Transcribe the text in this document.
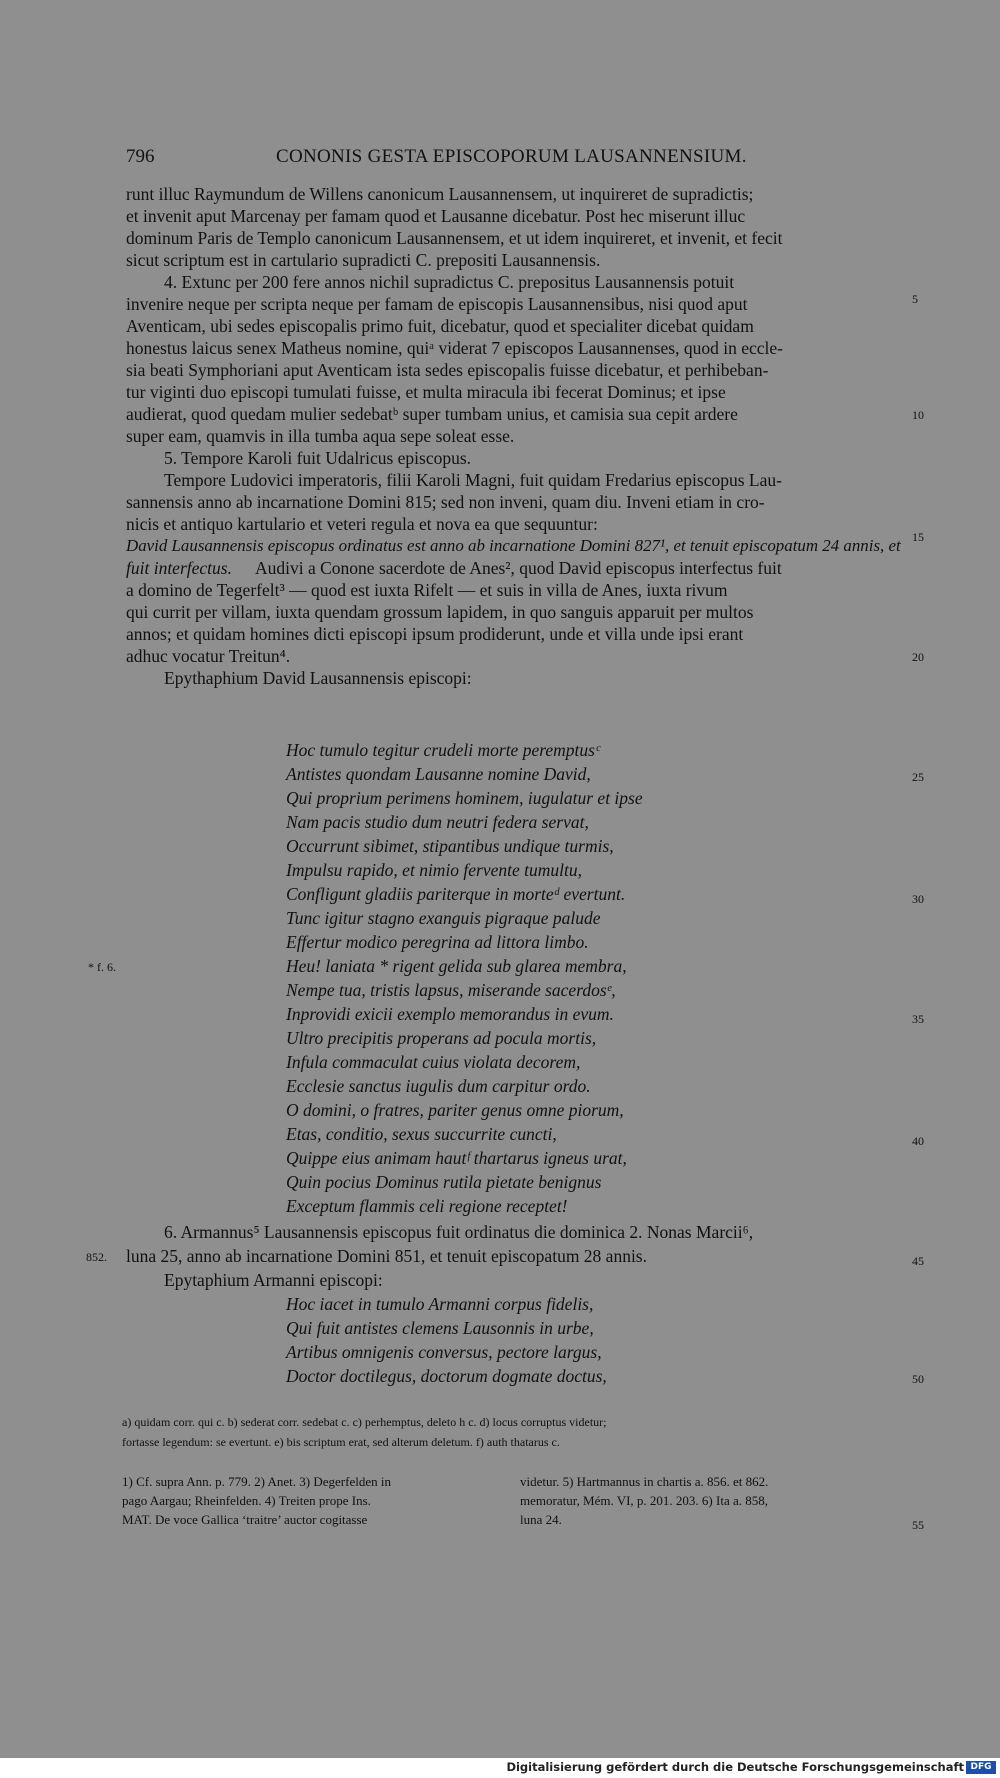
796	CONONIS GESTA EPISCOPORUM LAUSANNENSIUM.
runt illuc Raymundum de Willens canonicum Lausannensem, ut inquireret de supradictis;
et invenit aput Marcenay per famam quod et Lausanne dicebatur. Post hec miserunt illuc
dominum Paris de Templo canonicum Lausannensem, et ut idem inquireret, et invenit, et fecit
sicut scriptum est in cartulario supradicti C. prepositi Lausannensis.
4. Extunc per 200 fere annos nichil supradictus C. prepositus Lausannensis potuit
invenire neque per scripta neque per famam de episcopis Lausannensibus, nisi quod aput
Aventicam, ubi sedes episcopalis primo fuit, dicebatur, quod et specialiter dicebat quidam
honestus laicus senex Matheus nomine, quiᵃ viderat 7 episcopos Lausannenses, quod in eccle-
sia beati Symphoriani aput Aventicam ista sedes episcopalis fuisse dicebatur, et perhibeban-
tur viginti duo episcopi tumulati fuisse, et multa miracula ibi fecerat Dominus; et ipse
audierat, quod quedam mulier sedebatᵇ super tumbam unius, et camisia sua cepit ardere
super eam, quamvis in illa tumba aqua sepe soleat esse.
5. Tempore Karoli fuit Udalricus episcopus.
Tempore Ludovici imperatoris, filii Karoli Magni, fuit quidam Fredarius episcopus Lau-
sannensis anno ab incarnatione Domini 815; sed non inveni, quam diu. Inveni etiam in cro-
nicis et antiquo kartulario et veteri regula et nova ea que sequuntur:
David Lausannensis episcopus ordinatus est anno ab incarnatione Domini 827¹, et tenuit episcopatum 24 annis, et
fuit interfectus. Audivi a Conone sacerdote de Anes², quod David episcopus interfectus fuit
a domino de Tegerfelt³ — quod est iuxta Rifelt — et suis in villa de Anes, iuxta rivum
qui currit per villam, iuxta quendam grossum lapidem, in quo sanguis apparuit per multos
annos; et quidam homines dicti episcopi ipsum prodiderunt, unde et villa unde ipsi erant
adhuc vocatur Treitun⁴.
Epythaphium David Lausannensis episcopi:
Hoc tumulo tegitur crudeli morte peremptusᶜ
Antistes quondam Lausanne nomine David,
Qui proprium perimens hominem, iugulatur et ipse
Nam pacis studio dum neutri federa servat,
Occurrunt sibimet, stipantibus undique turmis,
Impulsu rapido, et nimio fervente tumultu,
Confligunt gladiis pariterque in morteᵈ evertunt.
Tunc igitur stagno exanguis pigraque palude
Effertur modico peregrina ad littora limbo.
Heu! laniata * rigent gelida sub glarea membra,
Nempe tua, tristis lapsus, miserande sacerdosᵉ,
Inprovidi exicii exemplo memorandus in evum.
Ultro precipitis properans ad pocula mortis,
Infula commaculat cuius violata decorem,
Ecclesie sanctus iugulis dum carpitur ordo.
O domini, o fratres, pariter genus omne piorum,
Etas, conditio, sexus succurrite cuncti,
Quippe eius animam hautᶠ thartarus igneus urat,
Quin pocius Dominus rutila pietate benignus
Exceptum flammis celi regione receptet!
6. Armannus⁵ Lausannensis episcopus fuit ordinatus die dominica 2. Nonas Marcii⁶,
luna 25, anno ab incarnatione Domini 851, et tenuit episcopatum 28 annis.
Epytaphium Armanni episcopi:
Hoc iacet in tumulo Armanni corpus fidelis,
Qui fuit antistes clemens Lausonnis in urbe,
Artibus omnigenis conversus, pectore largus,
Doctor doctilegus, doctorum dogmate doctus,
5
10
15
20
25
30
35
40
45
50
55
* f. 6.
852.
a) quidam corr. qui c. b) sederat corr. sedebat c. c) perhemptus, deleto h c. d) locus corruptus videtur;
fortasse legendum: se evertunt. e) bis scriptum erat, sed alterum deletum. f) auth thatarus c.
1) Cf. supra Ann. p. 779. 2) Anet. 3) Degerfelden in
pago Aargau; Rheinfelden. 4) Treiten prope Ins.
MAT. De voce Gallica ‘traitre’ auctor cogitasse
videtur. 5) Hartmannus in chartis a. 856. et 862.
memoratur, Mém. VI, p. 201. 203. 6) Ita a. 858,
luna 24.
Digitalisierung gefördert durch die Deutsche Forschungsgemeinschaft DFG
